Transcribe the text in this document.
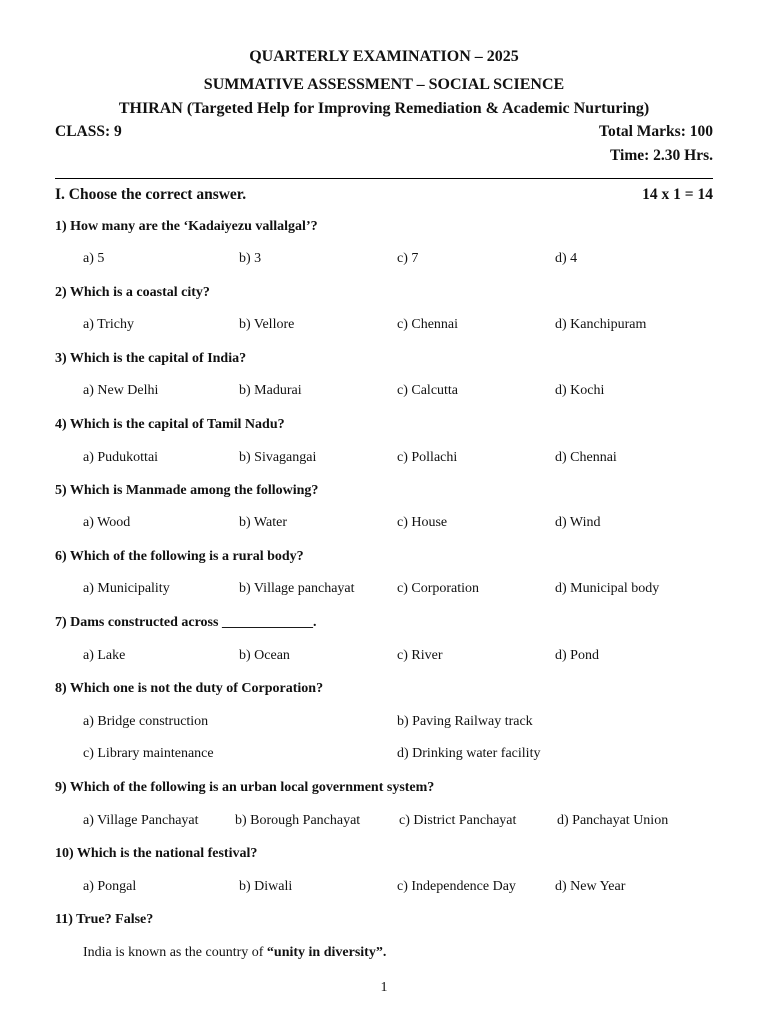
QUARTERLY EXAMINATION – 2025
SUMMATIVE ASSESSMENT – SOCIAL SCIENCE
THIRAN (Targeted Help for Improving Remediation & Academic Nurturing)
CLASS: 9	Total Marks: 100
Time: 2.30 Hrs.
I. Choose the correct answer.	14 x 1 = 14
1) How many are the ‘Kadaiyezu vallalgal’?
a) 5	b) 3	c) 7	d) 4
2) Which is a coastal city?
a) Trichy	b) Vellore	c) Chennai	d) Kanchipuram
3) Which is the capital of India?
a) New Delhi	b) Madurai	c) Calcutta	d) Kochi
4) Which is the capital of Tamil Nadu?
a) Pudukottai	b) Sivagangai	c) Pollachi	d) Chennai
5) Which is Manmade among the following?
a) Wood	b) Water	c) House	d) Wind
6) Which of the following is a rural body?
a) Municipality	b) Village panchayat	c) Corporation	d) Municipal body
7) Dams constructed across _____________.
a) Lake	b) Ocean	c) River	d) Pond
8) Which one is not the duty of Corporation?
a) Bridge construction	b) Paving Railway track
c) Library maintenance	d) Drinking water facility
9) Which of the following is an urban local government system?
a) Village Panchayat	b) Borough Panchayat	c) District Panchayat	d) Panchayat Union
10) Which is the national festival?
a) Pongal	b) Diwali	c) Independence Day	d) New Year
11) True? False?
India is known as the country of “unity in diversity”.
1
